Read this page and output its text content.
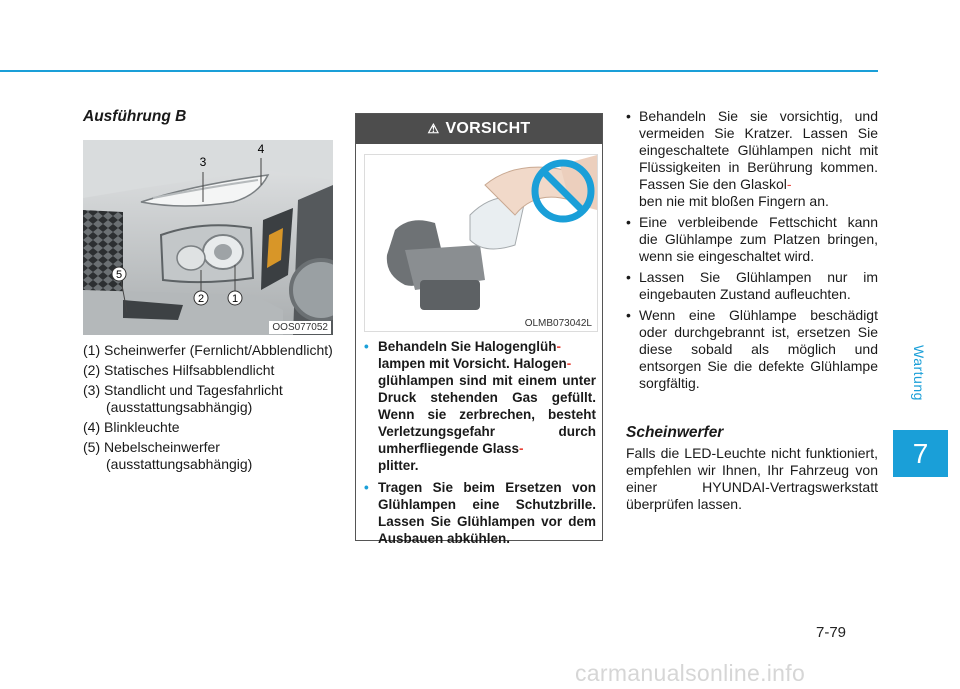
Ausführung B
1
2
3
4
5
OOS077052
(1) Scheinwerfer (Fernlicht/Abblendlicht)
(2) Statisches Hilfsabblendlicht
(3) Standlicht und Tagesfahrlicht (ausstattungsabhängig)
(4) Blinkleuchte
(5) Nebelscheinwerfer (ausstattungsabhängig)
⚠ VORSICHT
OLMB073042L
• Behandeln Sie Halogenglüh-
lampen mit Vorsicht. Halogen-
glühlampen sind mit einem unter Druck stehenden Gas gefüllt. Wenn sie zerbrechen, besteht Verletzungsgefahr durch umherfliegende Glass-
plitter.
• Tragen Sie beim Ersetzen von Glühlampen eine Schutzbrille. Lassen Sie Glühlampen vor dem Ausbauen abkühlen.
• Behandeln Sie sie vorsichtig, und vermeiden Sie Kratzer. Lassen Sie eingeschaltete Glühlampen nicht mit Flüssigkeiten in Berührung kommen. Fassen Sie den Glaskol-
ben nie mit bloßen Fingern an.
• Eine verbleibende Fettschicht kann die Glühlampe zum Platzen bringen, wenn sie eingeschaltet wird.
• Lassen Sie Glühlampen nur im eingebauten Zustand aufleuchten.
• Wenn eine Glühlampe beschädigt oder durchgebrannt ist, ersetzen Sie diese sobald als möglich und entsorgen Sie die defekte Glühlampe sorgfältig.
Scheinwerfer

Falls die LED-Leuchte nicht funktioniert, empfehlen wir Ihnen, Ihr Fahrzeug von einer HYUNDAI-Vertragswerkstatt überprüfen lassen.

Wartung
7
7-79
carmanualsonline.info
